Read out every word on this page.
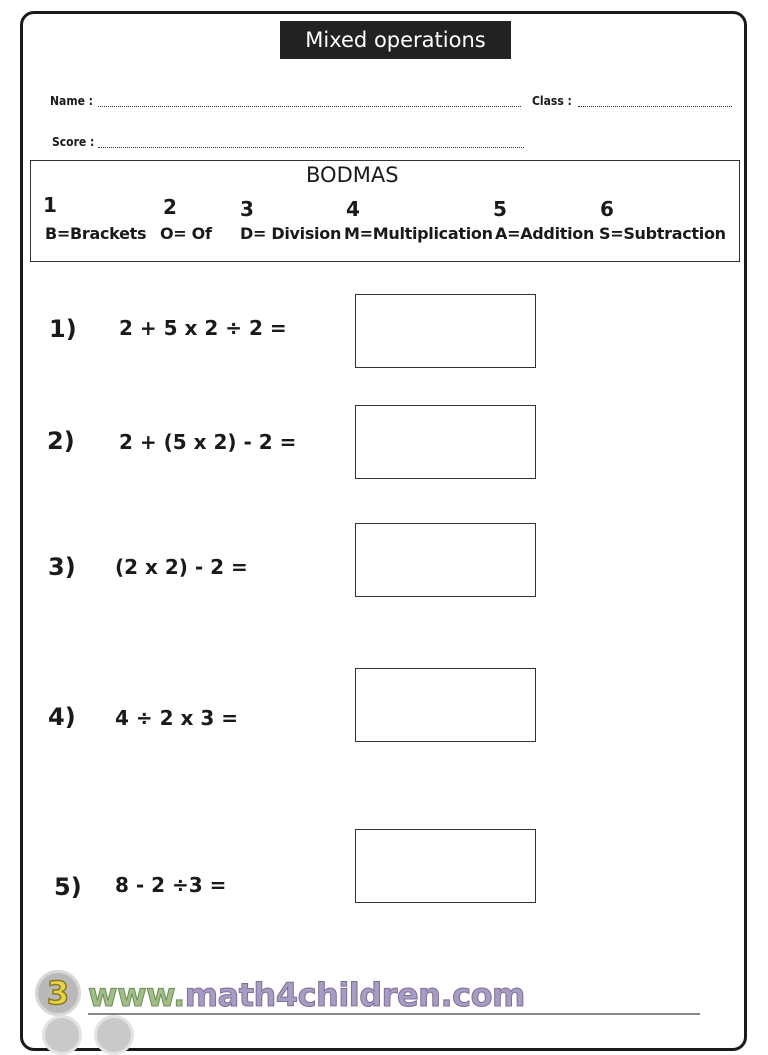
Mixed operations
Name :	Class :
Score :
BODMAS
1	2	3	4	5	6
B=Brackets O= Of D= Division M=Multiplication A=Addition S=Subtraction
1) 2 + 5 x 2 ÷ 2 =
2) 2 + (5 x 2) - 2 =
3) (2 x 2) - 2 =
4) 4 ÷ 2 x 3 =
5) 8 - 2 ÷3 =
3 www.math4children.com
